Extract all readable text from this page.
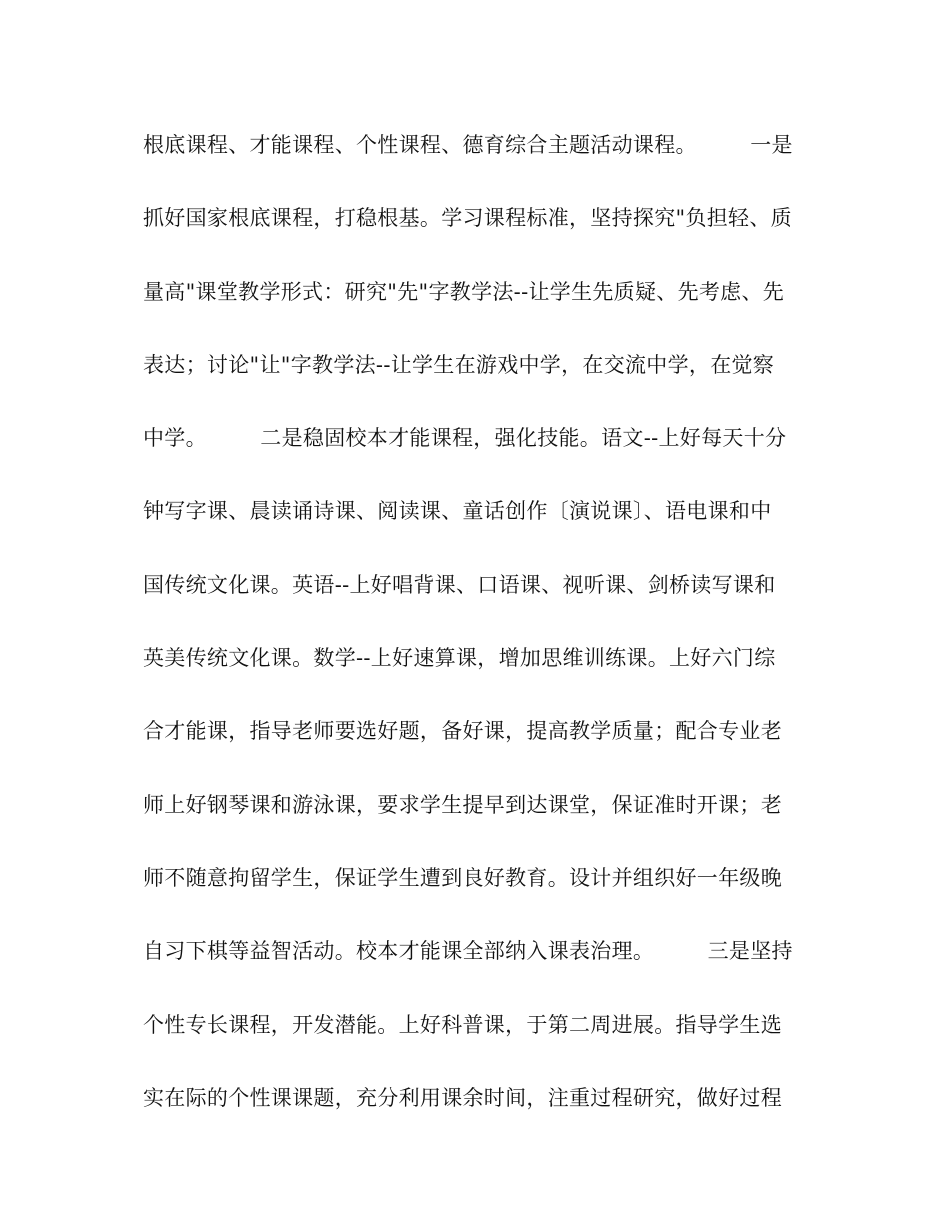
根底课程、才能课程、个性课程、德育综合主题活动课程。　　　一是
抓好国家根底课程，打稳根基。学习课程标准，坚持探究"负担轻、质
量高"课堂教学形式：研究"先"字教学法--让学生先质疑、先考虑、先
表达；讨论"让"字教学法--让学生在游戏中学，在交流中学，在觉察
中学。　　　二是稳固校本才能课程，强化技能。语文--上好每天十分
钟写字课、晨读诵诗课、阅读课、童话创作〔演说课〕、语电课和中
国传统文化课。英语--上好唱背课、口语课、视听课、剑桥读写课和
英美传统文化课。数学--上好速算课，增加思维训练课。上好六门综
合才能课，指导老师要选好题，备好课，提高教学质量；配合专业老
师上好钢琴课和游泳课，要求学生提早到达课堂，保证准时开课；老
师不随意拘留学生，保证学生遭到良好教育。设计并组织好一年级晚
自习下棋等益智活动。校本才能课全部纳入课表治理。　　　三是坚持
个性专长课程，开发潜能。上好科普课，于第二周进展。指导学生选
实在际的个性课课题，充分利用课余时间，注重过程研究，做好过程
